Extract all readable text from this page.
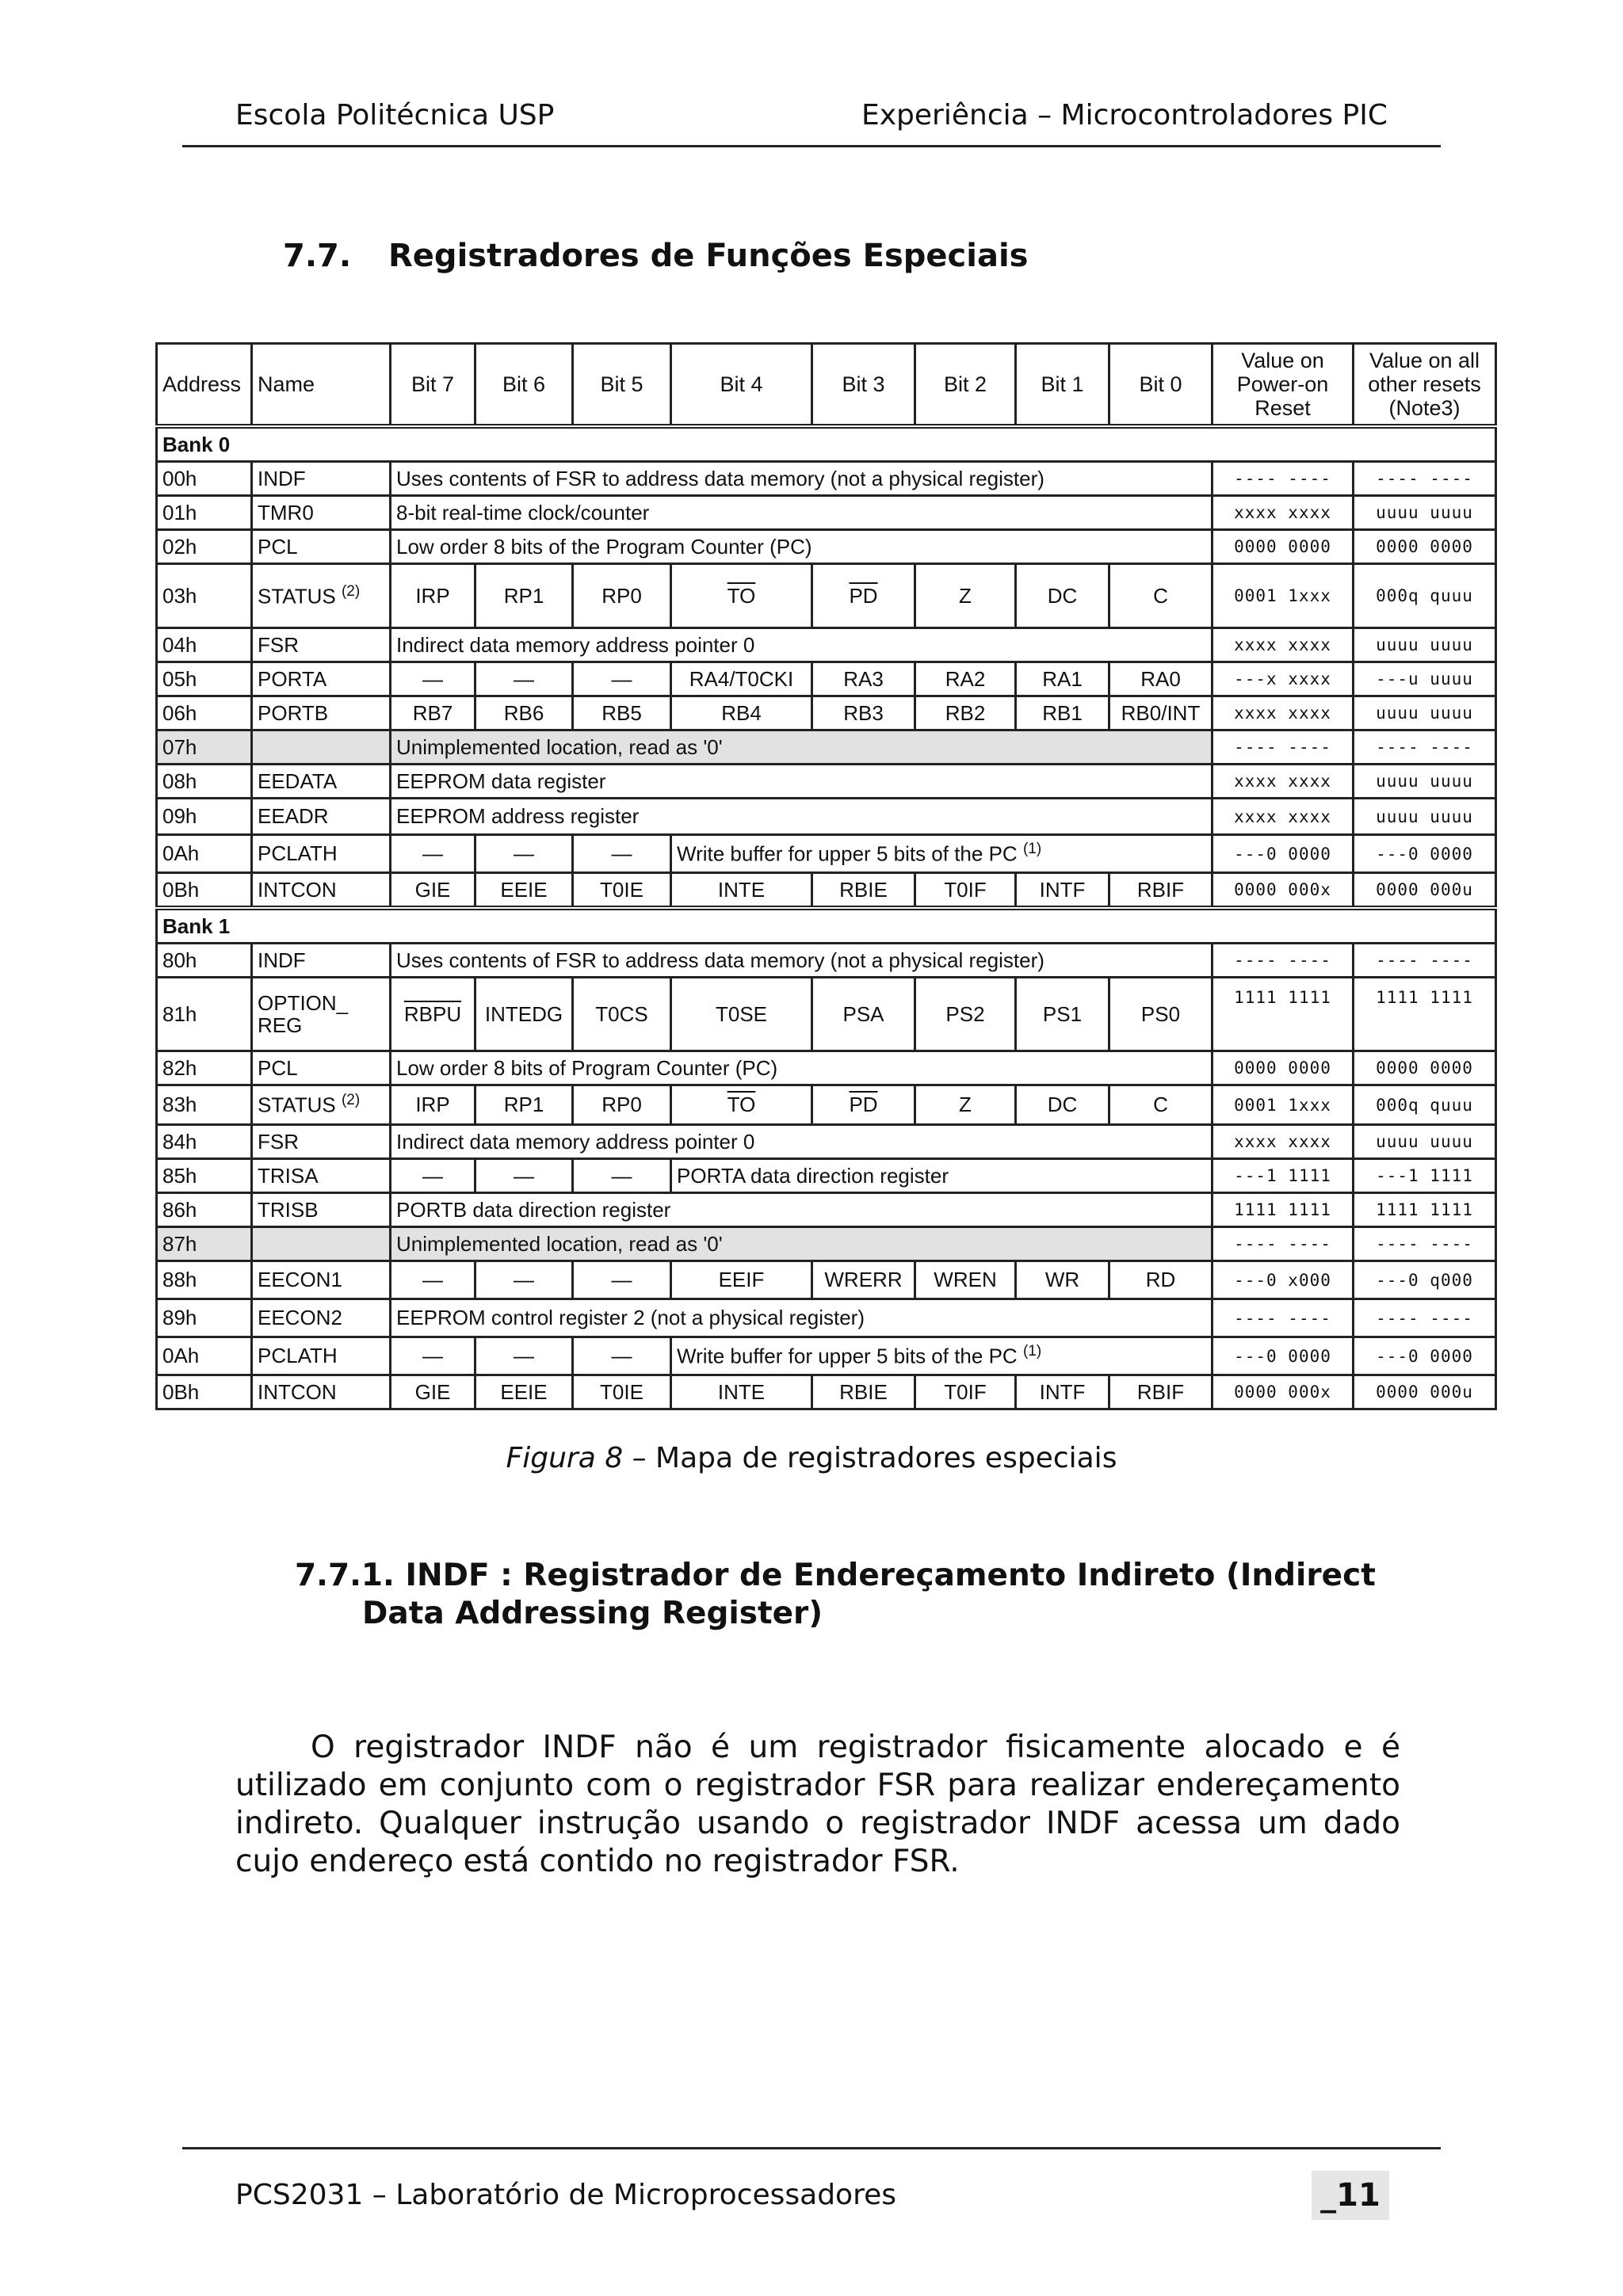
Escola Politécnica USP	Experiência – Microcontroladores PIC
7.7. Registradores de Funções Especiais
Address	Name	Bit 7	Bit 6	Bit 5	Bit 4	Bit 3	Bit 2	Bit 1	Bit 0	Value on Power-on Reset	Value on all other resets (Note3)
Bank 0											
00h	INDF	Uses contents of FSR to address data memory (not a physical register)								---- ----	---- ----
01h	TMR0	8-bit real-time clock/counter								xxxx xxxx	uuuu uuuu
02h	PCL	Low order 8 bits of the Program Counter (PC)								0000 0000	0000 0000
03h	STATUS $^{(2)}$	IRP	RP1	RP0	$\overline{TO}$	$\overline{PD}$	Z	DC	C	0001 1xxx	000q quuu
04h	FSR	Indirect data memory address pointer 0								xxxx xxxx	uuuu uuuu
05h	PORTA	—	—	—	RA4/T0CKI	RA3	RA2	RA1	RA0	---x xxxx	---u uuuu
06h	PORTB	RB7	RB6	RB5	RB4	RB3	RB2	RB1	RB0/INT	xxxx xxxx	uuuu uuuu
07h		Unimplemented location, read as '0'								---- ----	---- ----
08h	EEDATA	EEPROM data register								xxxx xxxx	uuuu uuuu
09h	EEADR	EEPROM address register								xxxx xxxx	uuuu uuuu
0Ah	PCLATH	—	—	—	Write buffer for upper 5 bits of the PC $^{(1)}$					---0 0000	---0 0000
0Bh	INTCON	GIE	EEIE	T0IE	INTE	RBIE	T0IF	INTF	RBIF	0000 000x	0000 000u
Bank 1											
80h	INDF	Uses contents of FSR to address data memory (not a physical register)								---- ----	---- ----
81h	OPTION_ REG	RBPU	INTEDG	T0CS	T0SE	PSA	PS2	PS1	PS0	1111 1111	1111 1111
82h	PCL	Low order 8 bits of Program Counter (PC)								0000 0000	0000 0000
83h	STATUS $^{(2)}$	IRP	RP1	RP0	$\overline{TO}$	$\overline{PD}$	Z	DC	C	0001 1xxx	000q quuu
84h	FSR	Indirect data memory address pointer 0								xxxx xxxx	uuuu uuuu
85h	TRISA	—	—	—	PORTA data direction register					---1 1111	---1 1111
86h	TRISB	PORTB data direction register								1111 1111	1111 1111
87h		Unimplemented location, read as '0'								---- ----	---- ----
88h	EECON1	—	—	—	EEIF	WRERR	WREN	WR	RD	---0 x000	---0 q000
89h	EECON2	EEPROM control register 2 (not a physical register)								---- ----	---- ----
0Ah	PCLATH	—	—	—	Write buffer for upper 5 bits of the PC $^{(1)}$					---0 0000	---0 0000
0Bh	INTCON	GIE	EEIE	T0IE	INTE	RBIE	T0IF	INTF	RBIF	0000 000x	0000 000u
Figura 8 – Mapa de registradores especiais
7.7.1. INDF : Registrador de Endereçamento Indireto (Indirect
Data Addressing Register)

O registrador INDF não é um registrador fisicamente alocado e é utilizado em conjunto com o registrador FSR para realizar endereçamento indireto. Qualquer instrução usando o registrador INDF acessa um dado cujo endereço está contido no registrador FSR.

PCS2031 – Laboratório de Microprocessadores	_11
